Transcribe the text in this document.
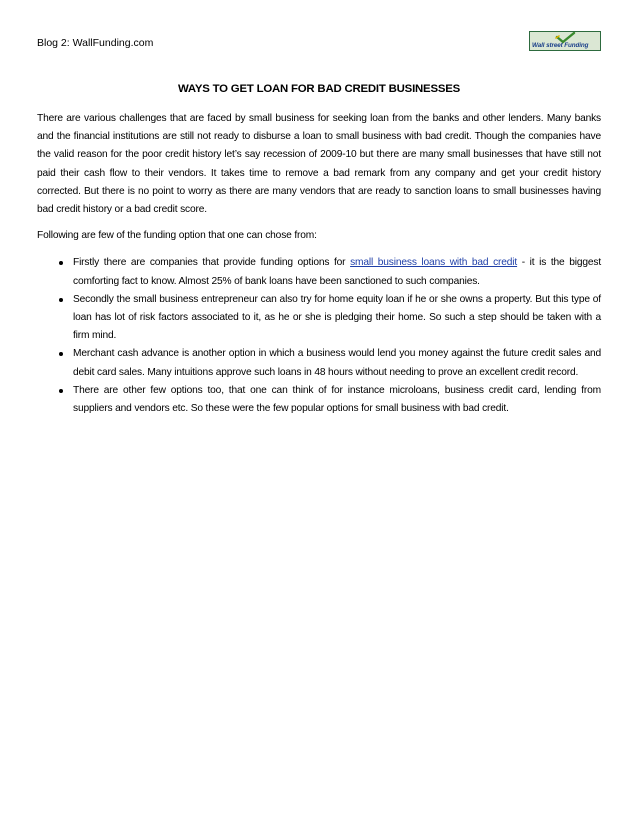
Blog 2: WallFunding.com	Wall street Funding
WAYS TO GET LOAN FOR BAD CREDIT BUSINESSES

There are various challenges that are faced by small business for seeking loan from the banks and other lenders. Many banks and the financial institutions are still not ready to disburse a loan to small business with bad credit. Though the companies have the valid reason for the poor credit history let’s say recession of 2009-10 but there are many small businesses that have still not paid their cash flow to their vendors. It takes time to remove a bad remark from any company and get your credit history corrected. But there is no point to worry as there are many vendors that are ready to sanction loans to small businesses having bad credit history or a bad credit score.

Following are few of the funding option that one can chose from:

Firstly there are companies that provide funding options for small business loans with bad credit - it is the biggest comforting fact to know. Almost 25% of bank loans have been sanctioned to such companies.
Secondly the small business entrepreneur can also try for home equity loan if he or she owns a property. But this type of loan has lot of risk factors associated to it, as he or she is pledging their home. So such a step should be taken with a firm mind.
Merchant cash advance is another option in which a business would lend you money against the future credit sales and debit card sales. Many intuitions approve such loans in 48 hours without needing to prove an excellent credit record.
There are other few options too, that one can think of for instance microloans, business credit card, lending from suppliers and vendors etc. So these were the few popular options for small business with bad credit.
